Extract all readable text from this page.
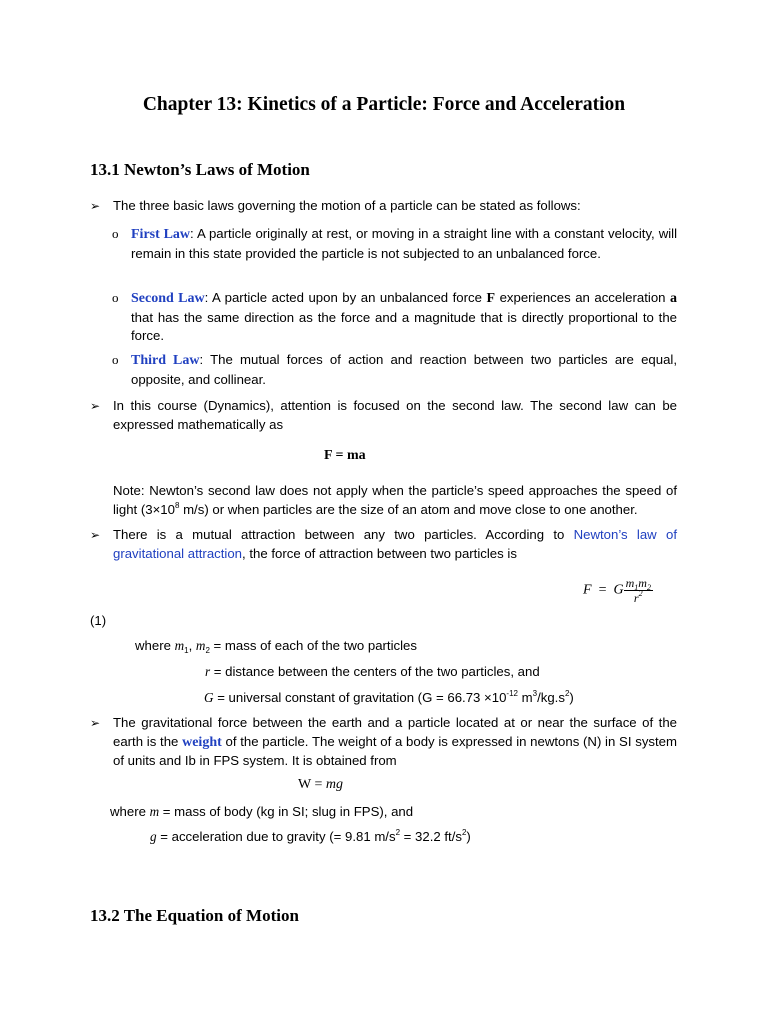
Chapter 13: Kinetics of a Particle: Force and Acceleration
13.1 Newton’s Laws of Motion
➢ The three basic laws governing the motion of a particle can be stated as follows:
o First Law: A particle originally at rest, or moving in a straight line with a constant velocity, will remain in this state provided the particle is not subjected to an unbalanced force.
o Second Law: A particle acted upon by an unbalanced force F experiences an acceleration a that has the same direction as the force and a magnitude that is directly proportional to the force.
o Third Law: The mutual forces of action and reaction between two particles are equal, opposite, and collinear.
➢ In this course (Dynamics), attention is focused on the second law. The second law can be expressed mathematically as
F = ma
Note: Newton’s second law does not apply when the particle’s speed approaches the speed of light ($3\times 10^8$ m/s) or when particles are the size of an atom and move close to one another.
➢ There is a mutual attraction between any two particles. According to Newton’s law of gravitational attraction, the force of attraction between two particles is
F = G $\frac{m_1m_2}{r^2}$
(1)
where $m_1$, $m_2$ = mass of each of the two particles
r = distance between the centers of the two particles, and
G = universal constant of gravitation ($G = 66.73 \times 10^{-12}$ $m^3/kg.s^2$)
➢ The gravitational force between the earth and a particle located at or near the surface of the earth is the weight of the particle. The weight of a body is expressed in newtons (N) in SI system of units and Ib in FPS system. It is obtained from
W = mg
where m = mass of body (kg in SI; slug in FPS), and
g = acceleration due to gravity (= 9.81 $m/s^2 = 32.2$ $ft/s^2$)
13.2 The Equation of Motion
